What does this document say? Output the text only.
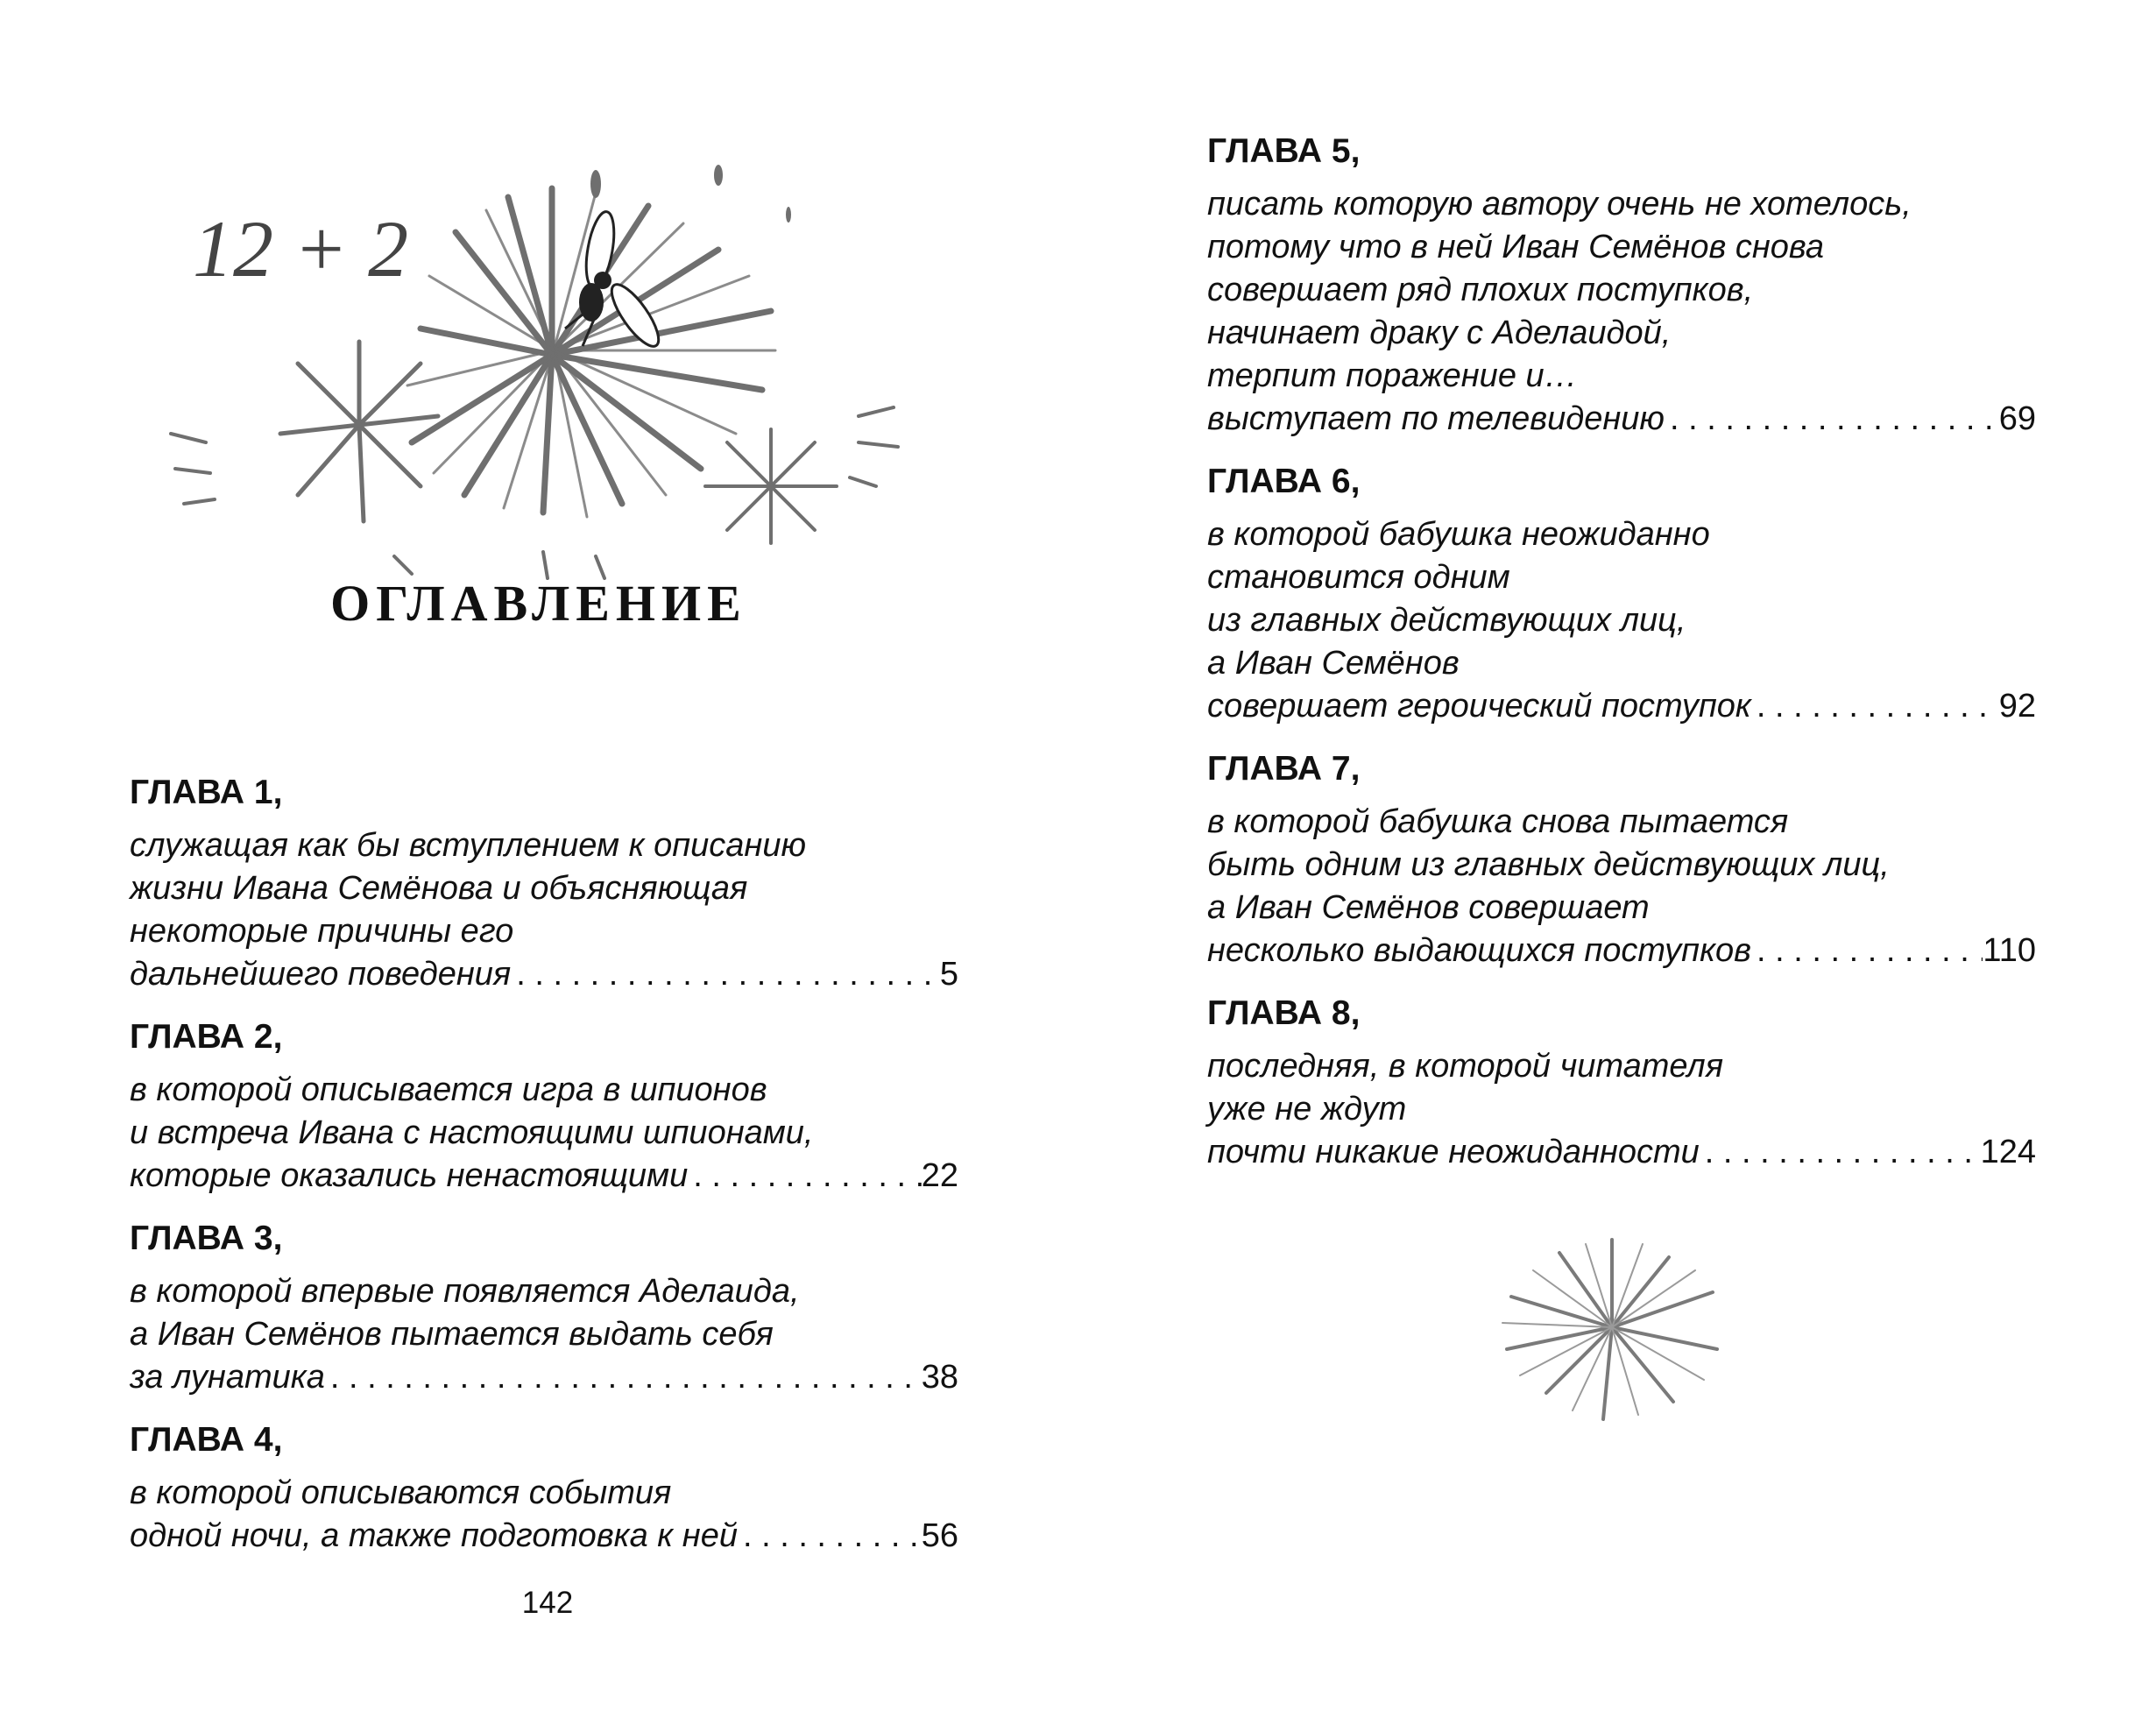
12 + 2
ОГЛАВЛЕНИЕ
ГЛАВА 1,
служащая как бы вступлением к описанию
жизни Ивана Семёнова и объясняющая
некоторые причины его
дальнейшего поведения . . .	5
ГЛАВА 2,
в которой описывается игра в шпионов
и встреча Ивана с настоящими шпионами,
которые оказались ненастоящими . . .	22
ГЛАВА 3,
в которой впервые появляется Аделаида,
а Иван Семёнов пытается выдать себя
за лунатика . . .	38
ГЛАВА 4,
в которой описываются события
одной ночи, а также подготовка к ней . . .	56
142
ГЛАВА 5,
писать которую автору очень не хотелось,
потому что в ней Иван Семёнов снова
совершает ряд плохих поступков,
начинает драку с Аделаидой,
терпит поражение и…
выступает по телевидению . . .	69
ГЛАВА 6,
в которой бабушка неожиданно
становится одним
из главных действующих лиц,
а Иван Семёнов
совершает героический поступок . . .	92
ГЛАВА 7,
в которой бабушка снова пытается
быть одним из главных действующих лиц,
а Иван Семёнов совершает
несколько выдающихся поступков . . .	110
ГЛАВА 8,
последняя, в которой читателя
уже не ждут
почти никакие неожиданности . . .	124
